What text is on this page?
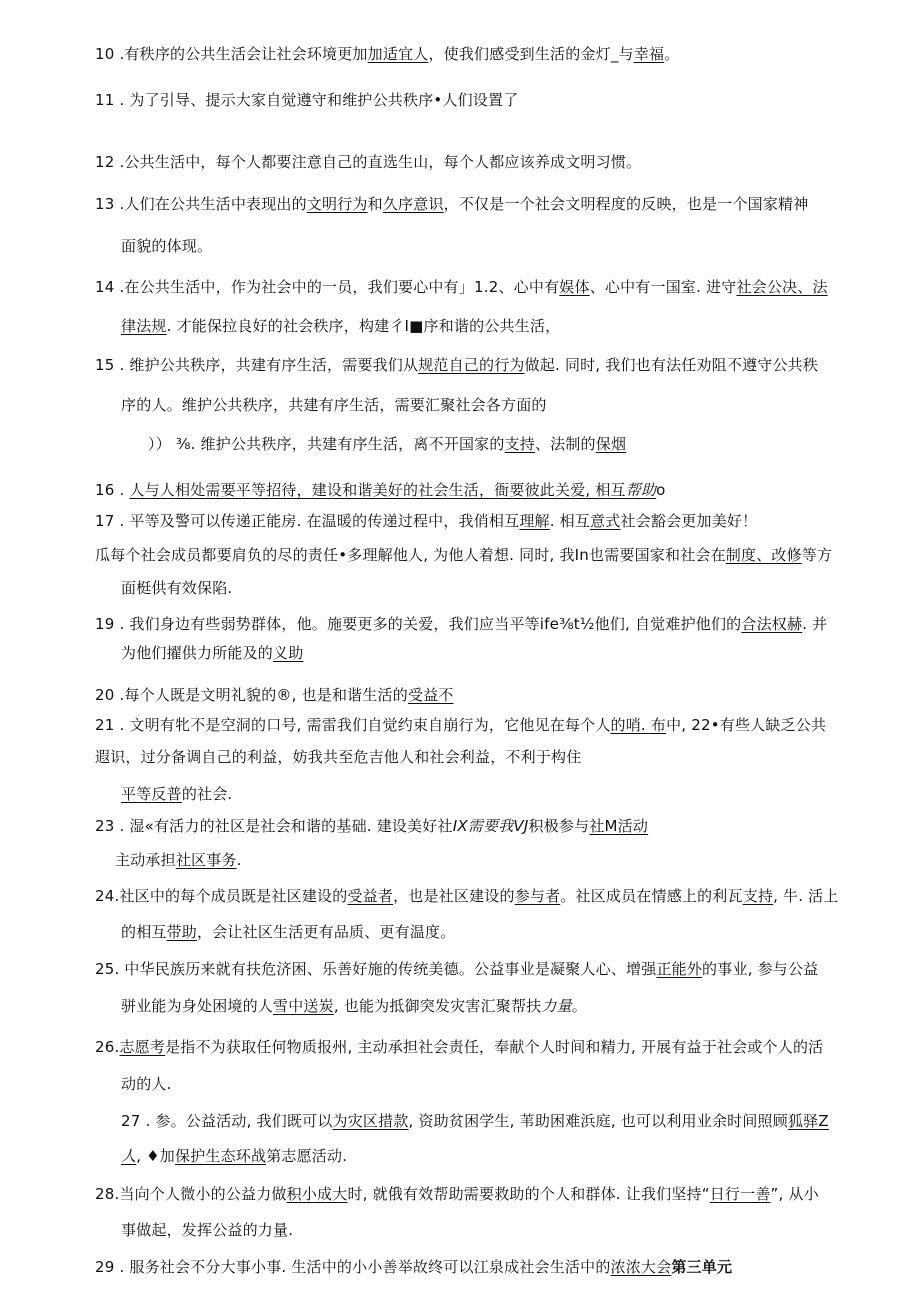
10 .有秩序的公共生活会让社会环境更加加适宜人，使我们感受到生活的金灯_与幸福。
11 . 为了引导、提示大家自觉遵守和维护公共秩序•人们设置了
12 .公共生活中，每个人都要注意自己的直选生山，每个人都应该养成文明习惯。
13 .人们在公共生活中表现出的文明行为和久序意识，不仅是一个社会文明程度的反映，也是一个国家精神
面貌的体现。
14 .在公共生活中，作为社会中的一员，我们要心中有」1.2、心中有娱体、心中有一国室. 进守社会公决、法
律法规. 才能保拉良好的社会秩序，构建彳I■序和谐的公共生活，
15 . 维护公共秩序，共建有序生活，需要我们从规范自己的行为做起. 同时, 我们也有法任劝阻不遵守公共秩
序的人。维护公共秩序，共建有序生活，需要汇聚社会各方面的
）） ⅜. 维护公共秩序，共建有序生活，离不开国家的支持、法制的保烟
16 . 人与人相处需要平等招待，建设和谐美好的社会生活，衙要彼此关爱, 相互帮助o
17 . 平等及警可以传递正能房. 在温暖的传递过程中，我俏相互理解. 相互意式社会豁会更加美好！
瓜每个社会成员都要肩负的尽的责任•多理解他人, 为他人着想. 同时, 我In也需要国家和社会在制度、改修等方
面梃供有效保陷.
19 . 我们身边有些弱势群体，他。施要更多的关爱，我们应当平等ife⅜t½他们, 自觉难护他们的合法权赫. 并
为他们擢供力所能及的义助
20 .每个人既是文明礼貌的®, 也是和谐生活的受益不
21 . 文明有牝不是空洞的口号, 需雷我们自觉约束自崩行为，它他见在每个人的哨. 布中, 22•有些人缺乏公共
遐识，过分备调自己的利益，妨我共至危吉他人和社会利益，不利于构住
平等反普的社会.
23 . 湿«有活力的社区是社会和谐的基础. 建设美好社IX需要我VJ积极参与社M活动
主动承担社区事务.
24.社区中的每个成员既是社区建设的受益者，也是社区建设的参与者。社区成员在情感上的利瓦支持, 牛. 活上
的相互带助，会让社区生活更有品质、更有温度。
25. 中华民族历来就有扶危济困、乐善好施的传统美德。公益事业是凝聚人心、增强正能外的事业, 参与公益
骈业能为身处困境的人雪中送炭, 也能为抵御突发灾害汇聚帮扶力量。
26.志愿考是指不为获取任何物质报州, 主动承担社会责任，奉献个人时间和精力, 开展有益于社会或个人的活
动的人.
27 . 参。公益活动, 我们既可以为灾区措款, 资助贫困学生, 苇助困难浜庭, 也可以利用业余时间照顾狐驿Z
人, ♦加保护生态环战第志愿活动.
28.当向个人微小的公益力做积小成大时, 就俄有效帮助需要救助的个人和群体. 让我们坚持“日行一善”, 从小
事做起，发挥公益的力量.
29 . 服务社会不分大事小事. 生活中的小小善举故终可以江泉成社会生活中的浓浓大会第三单元
